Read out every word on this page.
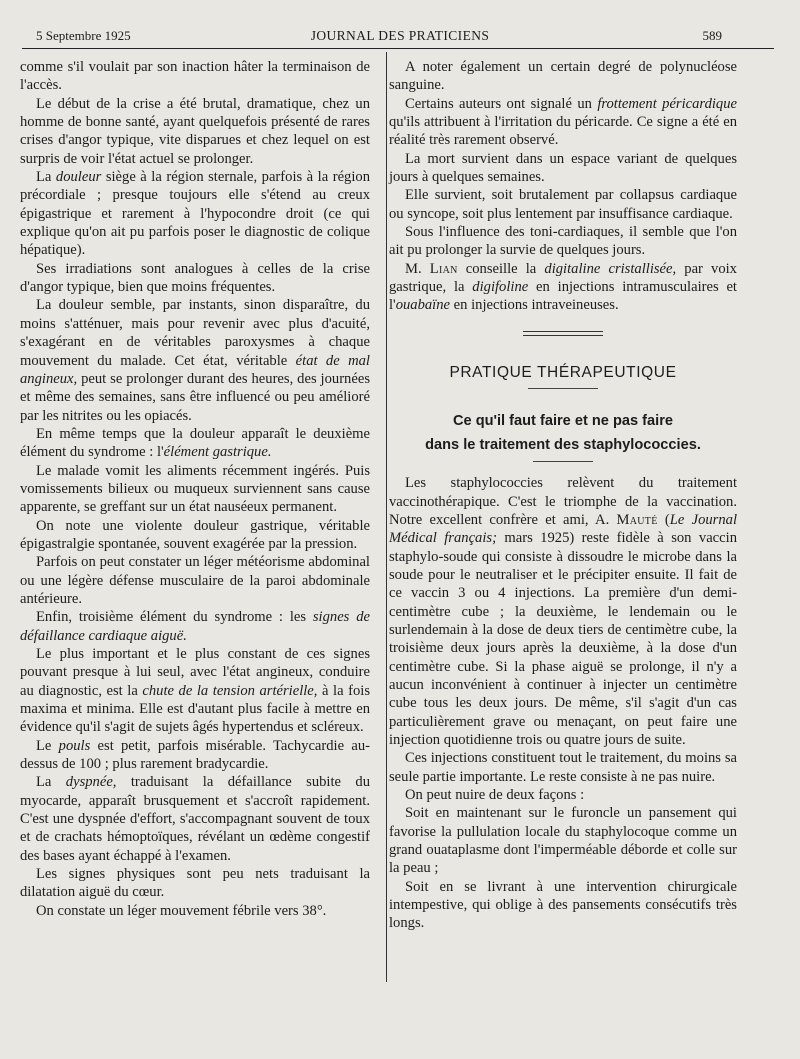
5 Septembre 1925	JOURNAL DES PRATICIENS	589

comme s'il voulait par son inaction hâter la terminaison de l'accès.

Le début de la crise a été brutal, dramatique, chez un homme de bonne santé, ayant quelquefois présenté de rares crises d'angor typique, vite disparues et chez lequel on est surpris de voir l'état actuel se prolonger.

La douleur siège à la région sternale, parfois à la région précordiale ; presque toujours elle s'étend au creux épigastrique et rarement à l'hypocondre droit (ce qui explique qu'on ait pu parfois poser le diagnostic de colique hépatique).

Ses irradiations sont analogues à celles de la crise d'angor typique, bien que moins fréquentes.

La douleur semble, par instants, sinon disparaître, du moins s'atténuer, mais pour revenir avec plus d'acuité, s'exagérant en de véritables paroxysmes à chaque mouvement du malade. Cet état, véritable état de mal angineux, peut se prolonger durant des heures, des journées et même des semaines, sans être influencé ou peu amélioré par les nitrites ou les opiacés.

En même temps que la douleur apparaît le deuxième élément du syndrome : l'élément gastrique.

Le malade vomit les aliments récemment ingérés. Puis vomissements bilieux ou muqueux surviennent sans cause apparente, se greffant sur un état nauséeux permanent.

On note une violente douleur gastrique, véritable épigastralgie spontanée, souvent exagérée par la pression.

Parfois on peut constater un léger météorisme abdominal ou une légère défense musculaire de la paroi abdominale antérieure.

Enfin, troisième élément du syndrome : les signes de défaillance cardiaque aiguë.

Le plus important et le plus constant de ces signes pouvant presque à lui seul, avec l'état angineux, conduire au diagnostic, est la chute de la tension artérielle, à la fois maxima et minima. Elle est d'autant plus facile à mettre en évidence qu'il s'agit de sujets âgés hypertendus et scléreux.

Le pouls est petit, parfois misérable. Tachycardie au-dessus de 100 ; plus rarement bradycardie.

La dyspnée, traduisant la défaillance subite du myocarde, apparaît brusquement et s'accroît rapidement. C'est une dyspnée d'effort, s'accompagnant souvent de toux et de crachats hémoptoïques, révélant un œdème congestif des bases ayant échappé à l'examen.

Les signes physiques sont peu nets traduisant la dilatation aiguë du cœur.

On constate un léger mouvement fébrile vers 38°.

A noter également un certain degré de polynucléose sanguine.

Certains auteurs ont signalé un frottement péricardique qu'ils attribuent à l'irritation du péricarde. Ce signe a été en réalité très rarement observé.

La mort survient dans un espace variant de quelques jours à quelques semaines.

Elle survient, soit brutalement par collapsus cardiaque ou syncope, soit plus lentement par insuffisance cardiaque.

Sous l'influence des toni-cardiaques, il semble que l'on ait pu prolonger la survie de quelques jours.

M. Lian conseille la digitaline cristallisée, par voix gastrique, la digifoline en injections intramusculaires et l'ouabaïne en injections intraveineuses.

PRATIQUE THÉRAPEUTIQUE
Ce qu'il faut faire et ne pas faire
dans le traitement des staphylococcies.

Les staphylococcies relèvent du traitement vaccinothérapique. C'est le triomphe de la vaccination. Notre excellent confrère et ami, A. Mauté (Le Journal Médical français; mars 1925) reste fidèle à son vaccin staphylo-soude qui consiste à dissoudre le microbe dans la soude pour le neutraliser et le précipiter ensuite. Il fait de ce vaccin 3 ou 4 injections. La première d'un demi-centimètre cube ; la deuxième, le lendemain ou le surlendemain à la dose de deux tiers de centimètre cube, la troisième deux jours après la deuxième, à la dose d'un centimètre cube. Si la phase aiguë se prolonge, il n'y a aucun inconvénient à continuer à injecter un centimètre cube tous les deux jours. De même, s'il s'agit d'un cas particulièrement grave ou menaçant, on peut faire une injection quotidienne trois ou quatre jours de suite.

Ces injections constituent tout le traitement, du moins sa seule partie importante. Le reste consiste à ne pas nuire.

On peut nuire de deux façons :

Soit en maintenant sur le furoncle un pansement qui favorise la pullulation locale du staphylocoque comme un grand ouataplasme dont l'imperméable déborde et colle sur la peau ;

Soit en se livrant à une intervention chirurgicale intempestive, qui oblige à des pansements consécutifs très longs.
